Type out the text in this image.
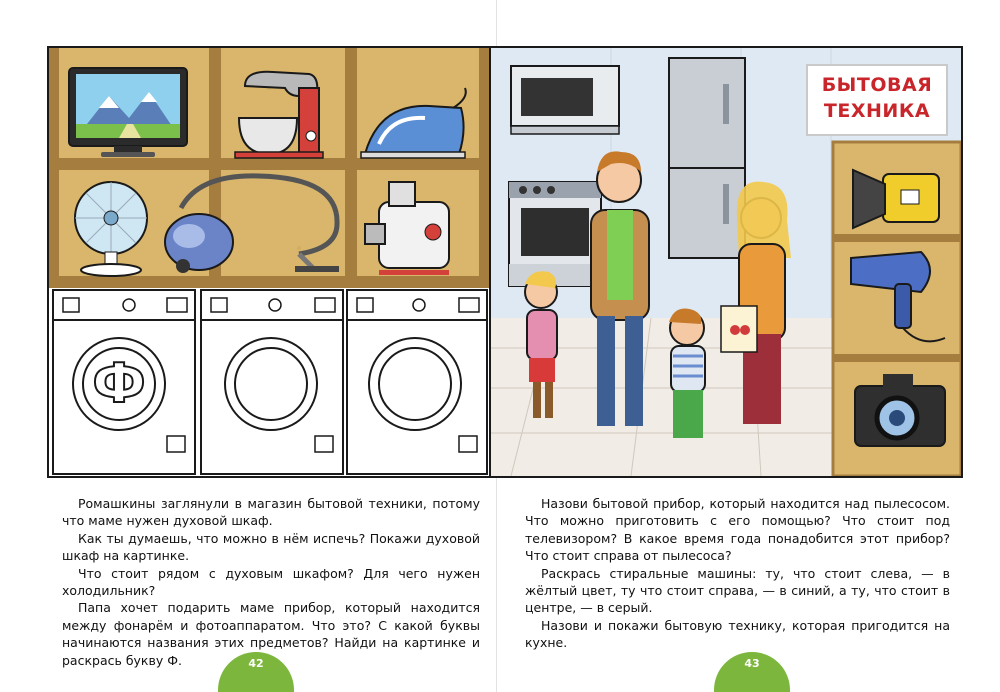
Ф
БЫТОВАЯ
ТЕХНИКА

Ромашкины заглянули в магазин бытовой техники, потому что маме нужен духовой шкаф.

Как ты думаешь, что можно в нём испечь? Покажи духовой шкаф на картинке.

Что стоит рядом с духовым шкафом? Для чего нужен холодильник?

Папа хочет подарить маме прибор, который находится между фонарём и фотоаппаратом. Что это? С какой буквы начинаются названия этих предметов? Найди на картинке и раскрась букву Ф.

Назови бытовой прибор, который находится над пылесосом. Что можно приготовить с его помощью? Что стоит под телевизором? В какое время года понадобится этот прибор? Что стоит справа от пылесоса?

Раскрась стиральные машины: ту, что стоит слева, — в жёлтый цвет, ту что стоит справа, — в синий, а ту, что стоит в центре, — в серый.

Назови и покажи бытовую технику, которая пригодится на кухне.

42	43
